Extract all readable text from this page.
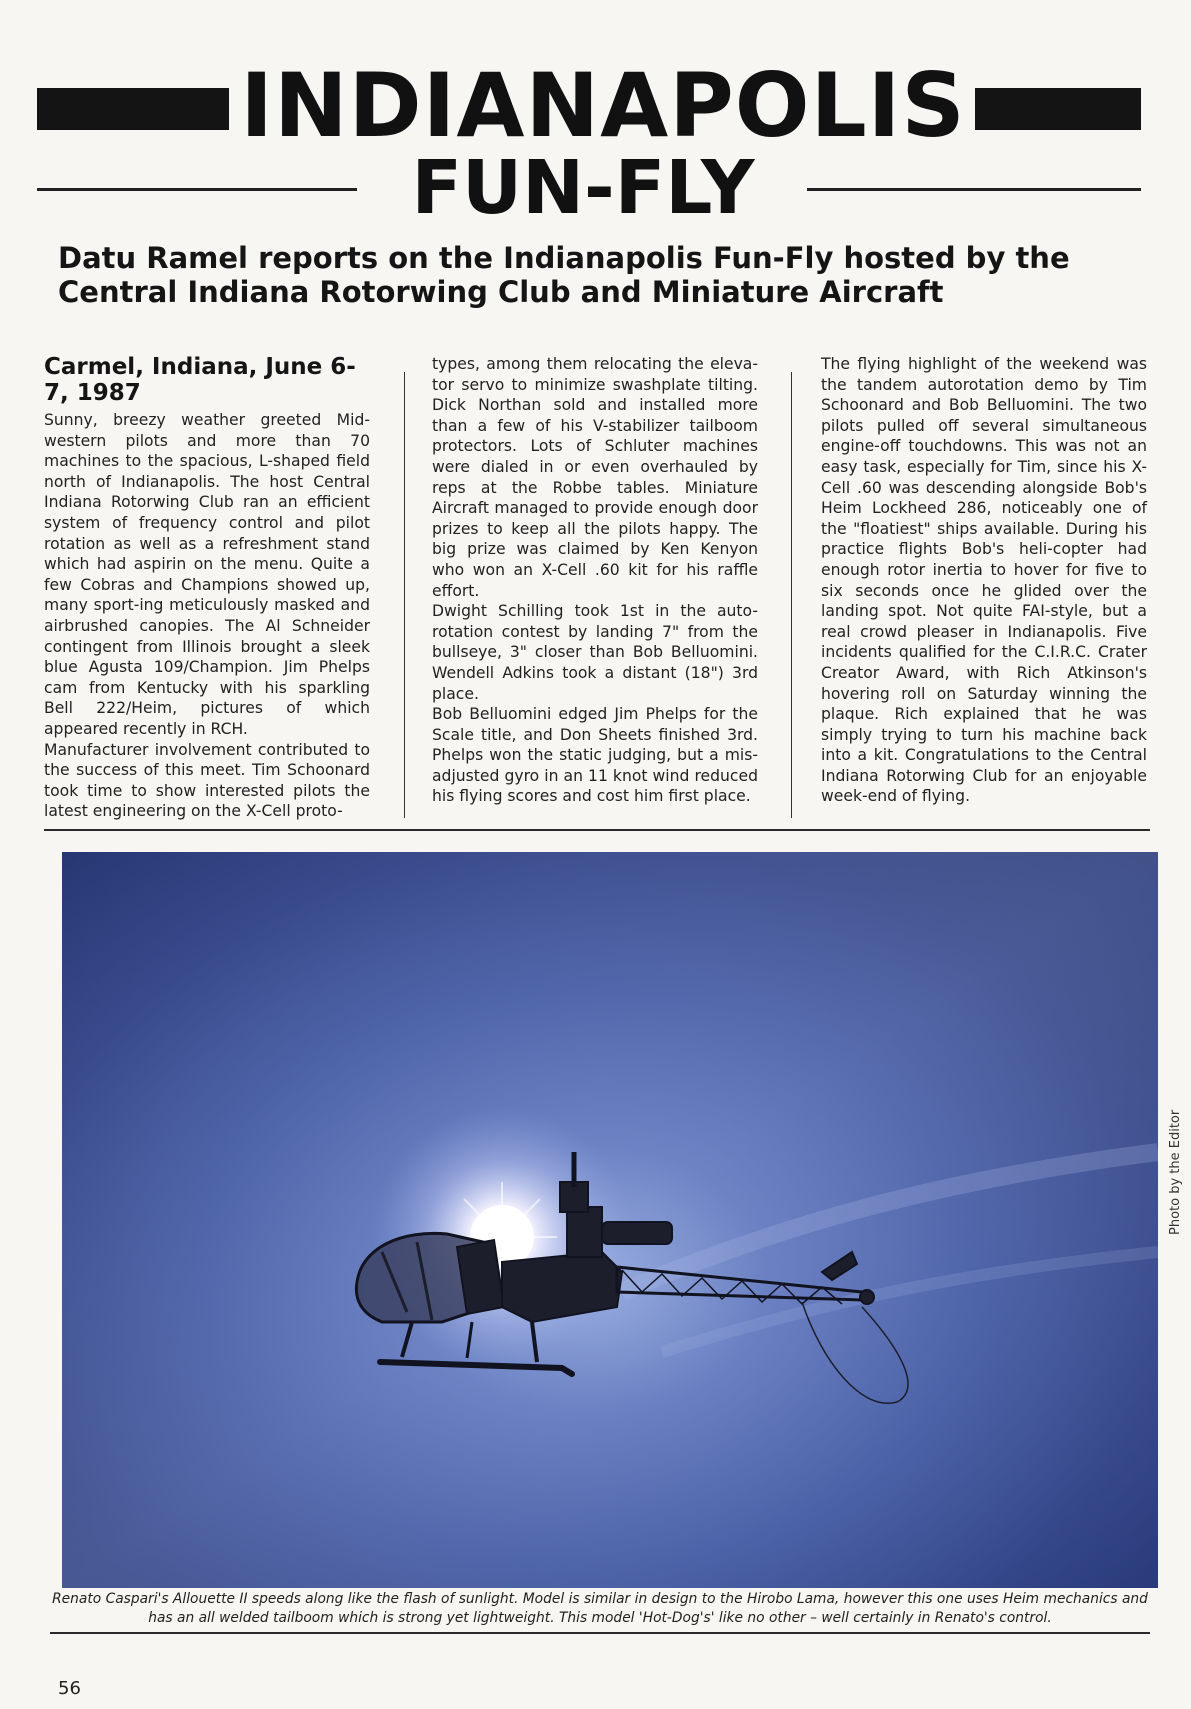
INDIANAPOLIS
FUN-FLY
Datu Ramel reports on the Indianapolis Fun-Fly hosted by the Central Indiana Rotorwing Club and Miniature Aircraft
Carmel, Indiana, June 6-7, 1987

Sunny, breezy weather greeted Mid-western pilots and more than 70 machines to the spacious, L-shaped field north of Indianapolis. The host Central Indiana Rotorwing Club ran an efficient system of frequency control and pilot rotation as well as a refreshment stand which had aspirin on the menu. Quite a few Cobras and Champions showed up, many sport-ing meticulously masked and airbrushed canopies. The Al Schneider contingent from Illinois brought a sleek blue Agusta 109/Champion. Jim Phelps cam from Kentucky with his sparkling Bell 222/Heim, pictures of which appeared recently in RCH.

Manufacturer involvement contributed to the success of this meet. Tim Schoonard took time to show interested pilots the latest engineering on the X-Cell proto-

types, among them relocating the eleva-tor servo to minimize swashplate tilting. Dick Northan sold and installed more than a few of his V-stabilizer tailboom protectors. Lots of Schluter machines were dialed in or even overhauled by reps at the Robbe tables. Miniature Aircraft managed to provide enough door prizes to keep all the pilots happy. The big prize was claimed by Ken Kenyon who won an X-Cell .60 kit for his raffle effort.

Dwight Schilling took 1st in the auto-rotation contest by landing 7" from the bullseye, 3" closer than Bob Belluomini. Wendell Adkins took a distant (18") 3rd place.

Bob Belluomini edged Jim Phelps for the Scale title, and Don Sheets finished 3rd. Phelps won the static judging, but a mis-adjusted gyro in an 11 knot wind reduced his flying scores and cost him first place.

The flying highlight of the weekend was the tandem autorotation demo by Tim Schoonard and Bob Belluomini. The two pilots pulled off several simultaneous engine-off touchdowns. This was not an easy task, especially for Tim, since his X-Cell .60 was descending alongside Bob's Heim Lockheed 286, noticeably one of the "floatiest" ships available. During his practice flights Bob's heli-copter had enough rotor inertia to hover for five to six seconds once he glided over the landing spot. Not quite FAI-style, but a real crowd pleaser in Indianapolis. Five incidents qualified for the C.I.R.C. Crater Creator Award, with Rich Atkinson's hovering roll on Saturday winning the plaque. Rich explained that he was simply trying to turn his machine back into a kit. Congratulations to the Central Indiana Rotorwing Club for an enjoyable week-end of flying.

Photo by the Editor
Renato Caspari's Allouette II speeds along like the flash of sunlight. Model is similar in design to the Hirobo Lama, however this one uses Heim mechanics and has an all welded tailboom which is strong yet lightweight. This model 'Hot-Dog's' like no other – well certainly in Renato's control.
56
